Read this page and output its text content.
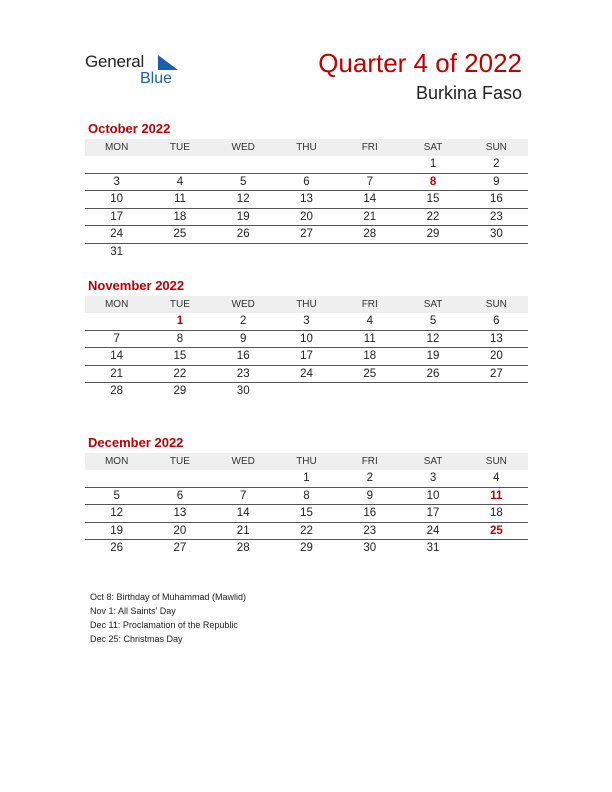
General
Blue
Quarter 4 of 2022
Burkina Faso
October 2022
MON	TUE	WED	THU	FRI	SAT	SUN
					1	2
3	4	5	6	7	8	9
10	11	12	13	14	15	16
17	18	19	20	21	22	23
24	25	26	27	28	29	30
31						
November 2022
MON	TUE	WED	THU	FRI	SAT	SUN
	1	2	3	4	5	6
7	8	9	10	11	12	13
14	15	16	17	18	19	20
21	22	23	24	25	26	27
28	29	30				
December 2022
MON	TUE	WED	THU	FRI	SAT	SUN
			1	2	3	4
5	6	7	8	9	10	11
12	13	14	15	16	17	18
19	20	21	22	23	24	25
26	27	28	29	30	31	
Oct 8: Birthday of Muhammad (Mawlid)
Nov 1: All Saints’ Day
Dec 11: Proclamation of the Republic
Dec 25: Christmas Day
